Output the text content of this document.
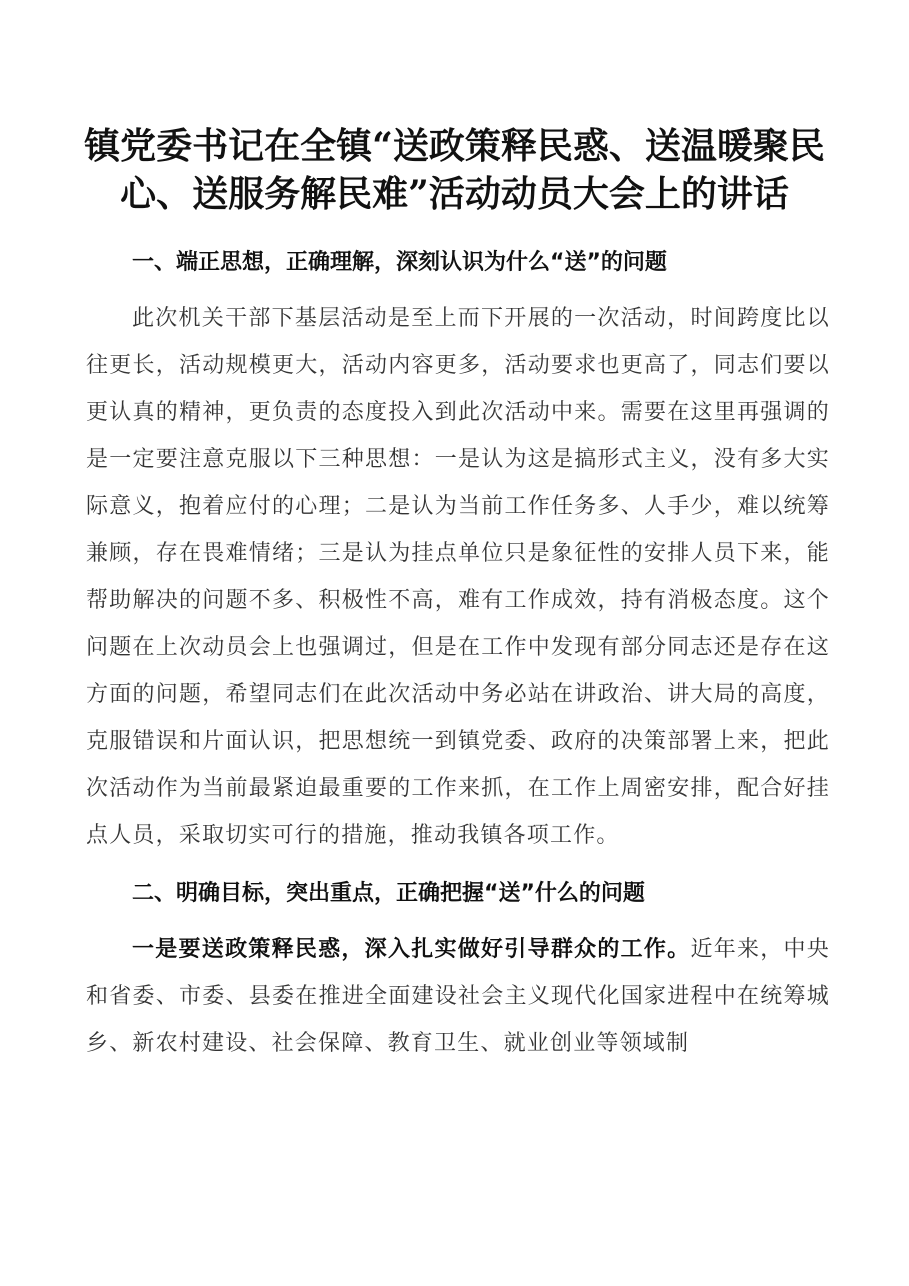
镇党委书记在全镇“送政策释民惑、送温暖聚民心、送服务解民难”活动动员大会上的讲话

一、端正思想，正确理解，深刻认识为什么“送”的问题

此次机关干部下基层活动是至上而下开展的一次活动，时间跨度比以往更长，活动规模更大，活动内容更多，活动要求也更高了，同志们要以更认真的精神，更负责的态度投入到此次活动中来。需要在这里再强调的是一定要注意克服以下三种思想：一是认为这是搞形式主义，没有多大实际意义，抱着应付的心理；二是认为当前工作任务多、人手少，难以统筹兼顾，存在畏难情绪；三是认为挂点单位只是象征性的安排人员下来，能帮助解决的问题不多、积极性不高，难有工作成效，持有消极态度。这个问题在上次动员会上也强调过，但是在工作中发现有部分同志还是存在这方面的问题，希望同志们在此次活动中务必站在讲政治、讲大局的高度，克服错误和片面认识，把思想统一到镇党委、政府的决策部署上来，把此次活动作为当前最紧迫最重要的工作来抓，在工作上周密安排，配合好挂点人员，采取切实可行的措施，推动我镇各项工作。

二、明确目标，突出重点，正确把握“送”什么的问题

一是要送政策释民惑，深入扎实做好引导群众的工作。近年来，中央和省委、市委、县委在推进全面建设社会主义现代化国家进程中在统筹城乡、新农村建设、社会保障、教育卫生、就业创业等领域制
